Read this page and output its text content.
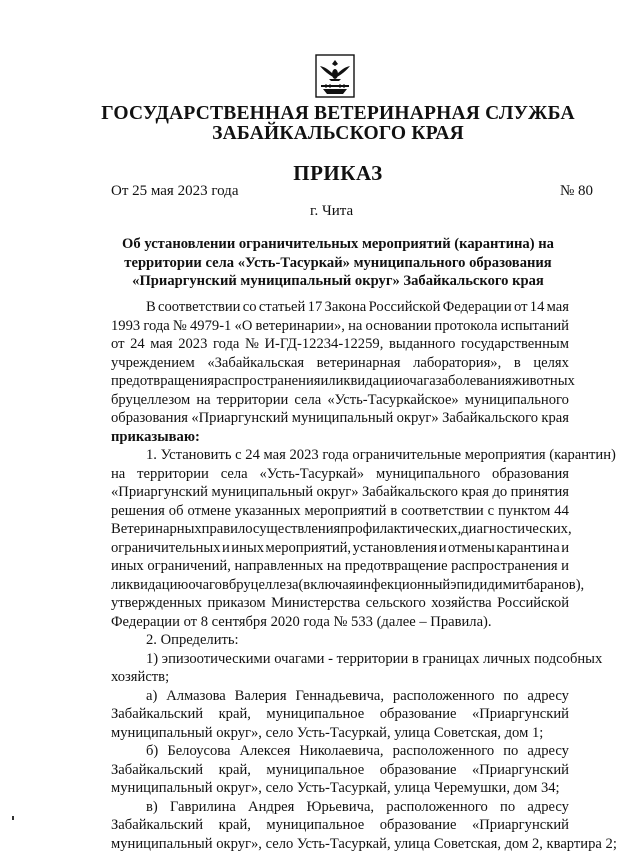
ГОСУДАРСТВЕННАЯ ВЕТЕРИНАРНАЯ СЛУЖБА
ЗАБАЙКАЛЬСКОГО КРАЯ
ПРИКАЗ
От 25 мая 2023 года	№ 80
г. Чита
Об установлении ограничительных мероприятий (карантина) на
территории села «Усть-Тасуркай» муниципального образования
«Приаргунский муниципальный округ» Забайкальского края
В соответствии со статьей 17 Закона Российской Федерации от 14 мая
1993 года № 4979-1 «О ветеринарии», на основании протокола испытаний
от 24 мая 2023 года № И-ГД-12234-12259, выданного государственным
учреждением «Забайкальская ветеринарная лаборатория», в целях
предотвращения распространения и ликвидации очага заболевания животных
бруцеллезом на территории села «Усть-Тасуркайское» муниципального
образования «Приаргунский муниципальный округ» Забайкальского края
приказываю:
1. Установить с 24 мая 2023 года ограничительные мероприятия (карантин)
на территории села «Усть-Тасуркай» муниципального образования
«Приаргунский муниципальный округ» Забайкальского края до принятия
решения об отмене указанных мероприятий в соответствии с пунктом 44
Ветеринарных правил осуществления профилактических, диагностических,
ограничительных и иных мероприятий, установления и отмены карантина и
иных ограничений, направленных на предотвращение распространения и
ликвидацию очагов бруцеллеза (включая инфекционный эпидидимит баранов),
утвержденных приказом Министерства сельского хозяйства Российской
Федерации от 8 сентября 2020 года № 533 (далее – Правила).
2. Определить:
1) эпизоотическими очагами - территории в границах личных подсобных
хозяйств;
а) Алмазова Валерия Геннадьевича, расположенного по адресу
Забайкальский край, муниципальное образование «Приаргунский
муниципальный округ», село Усть-Тасуркай, улица Советская, дом 1;
б) Белоусова Алексея Николаевича, расположенного по адресу
Забайкальский край, муниципальное образование «Приаргунский
муниципальный округ», село Усть-Тасуркай, улица Черемушки, дом 34;
в) Гаврилина Андрея Юрьевича, расположенного по адресу
Забайкальский край, муниципальное образование «Приаргунский
муниципальный округ», село Усть-Тасуркай, улица Советская, дом 2, квартира 2;
